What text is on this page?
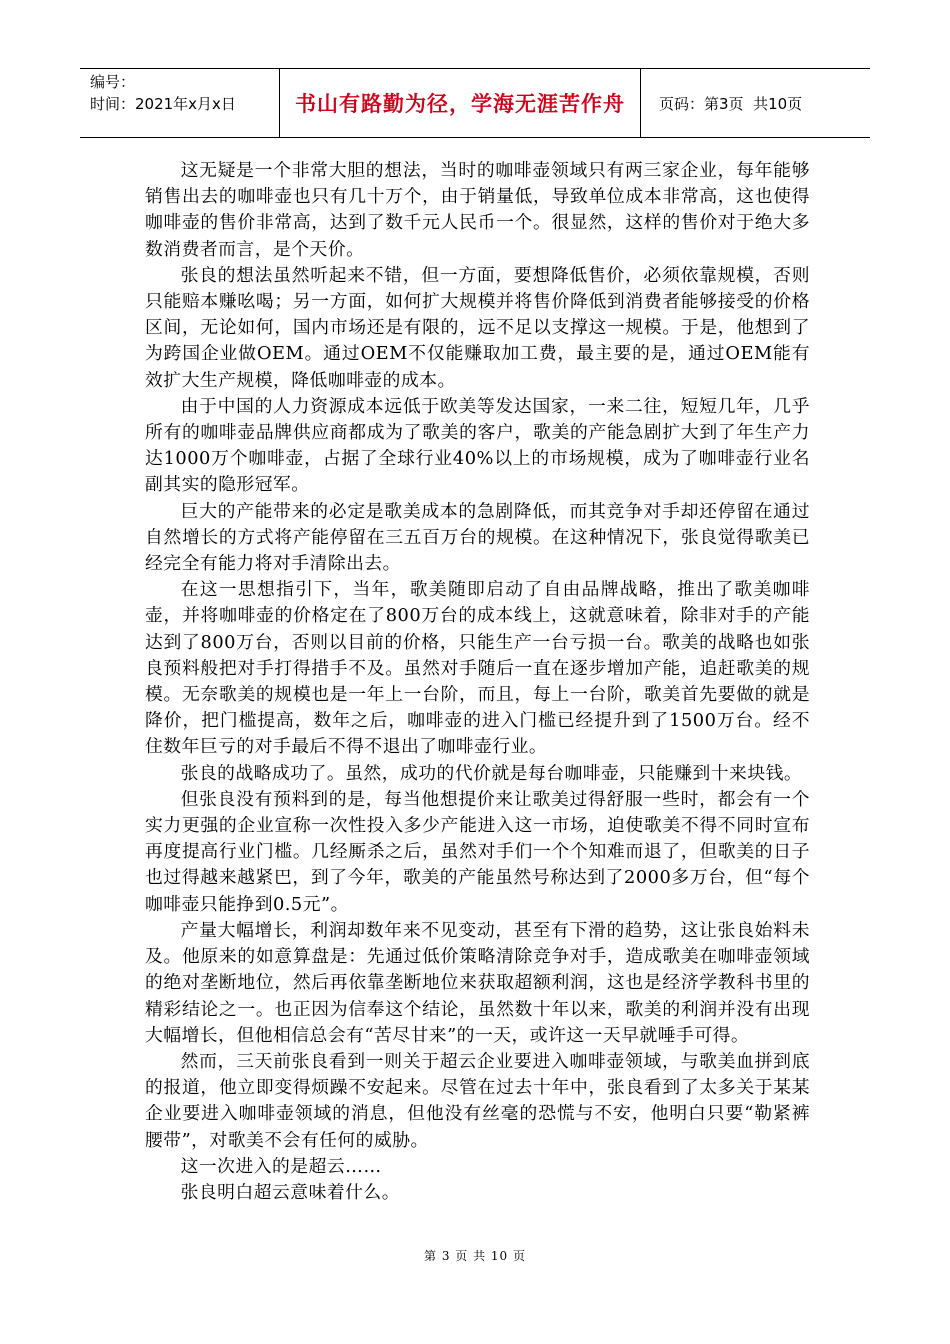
编号：
时间：2021年x月x日	书山有路勤为径，学海无涯苦作舟	页码：第3页  共10页

这无疑是一个非常大胆的想法，当时的咖啡壶领域只有两三家企业，每年能够销售出去的咖啡壶也只有几十万个，由于销量低，导致单位成本非常高，这也使得咖啡壶的售价非常高，达到了数千元人民币一个。很显然，这样的售价对于绝大多数消费者而言，是个天价。

张良的想法虽然听起来不错，但一方面，要想降低售价，必须依靠规模，否则只能赔本赚吆喝；另一方面，如何扩大规模并将售价降低到消费者能够接受的价格区间，无论如何，国内市场还是有限的，远不足以支撑这一规模。于是，他想到了为跨国企业做OEM。通过OEM不仅能赚取加工费，最主要的是，通过OEM能有效扩大生产规模，降低咖啡壶的成本。

由于中国的人力资源成本远低于欧美等发达国家，一来二往，短短几年，几乎所有的咖啡壶品牌供应商都成为了歌美的客户，歌美的产能急剧扩大到了年生产力达1000万个咖啡壶，占据了全球行业40%以上的市场规模，成为了咖啡壶行业名副其实的隐形冠军。

巨大的产能带来的必定是歌美成本的急剧降低，而其竞争对手却还停留在通过自然增长的方式将产能停留在三五百万台的规模。在这种情况下，张良觉得歌美已经完全有能力将对手清除出去。

在这一思想指引下，当年，歌美随即启动了自由品牌战略，推出了歌美咖啡壶，并将咖啡壶的价格定在了800万台的成本线上，这就意味着，除非对手的产能达到了800万台，否则以目前的价格，只能生产一台亏损一台。歌美的战略也如张良预料般把对手打得措手不及。虽然对手随后一直在逐步增加产能，追赶歌美的规模。无奈歌美的规模也是一年上一台阶，而且，每上一台阶，歌美首先要做的就是降价，把门槛提高，数年之后，咖啡壶的进入门槛已经提升到了1500万台。经不住数年巨亏的对手最后不得不退出了咖啡壶行业。

张良的战略成功了。虽然，成功的代价就是每台咖啡壶，只能赚到十来块钱。

但张良没有预料到的是，每当他想提价来让歌美过得舒服一些时，都会有一个实力更强的企业宣称一次性投入多少产能进入这一市场，迫使歌美不得不同时宣布再度提高行业门槛。几经厮杀之后，虽然对手们一个个知难而退了，但歌美的日子也过得越来越紧巴，到了今年，歌美的产能虽然号称达到了2000多万台，但“每个咖啡壶只能挣到0.5元”。

产量大幅增长，利润却数年来不见变动，甚至有下滑的趋势，这让张良始料未及。他原来的如意算盘是：先通过低价策略清除竞争对手，造成歌美在咖啡壶领域的绝对垄断地位，然后再依靠垄断地位来获取超额利润，这也是经济学教科书里的精彩结论之一。也正因为信奉这个结论，虽然数十年以来，歌美的利润并没有出现大幅增长，但他相信总会有“苦尽甘来”的一天，或许这一天早就唾手可得。

然而，三天前张良看到一则关于超云企业要进入咖啡壶领域，与歌美血拼到底的报道，他立即变得烦躁不安起来。尽管在过去十年中，张良看到了太多关于某某企业要进入咖啡壶领域的消息，但他没有丝毫的恐慌与不安，他明白只要“勒紧裤腰带”，对歌美不会有任何的威胁。

这一次进入的是超云……

张良明白超云意味着什么。

第 3 页 共 10 页
